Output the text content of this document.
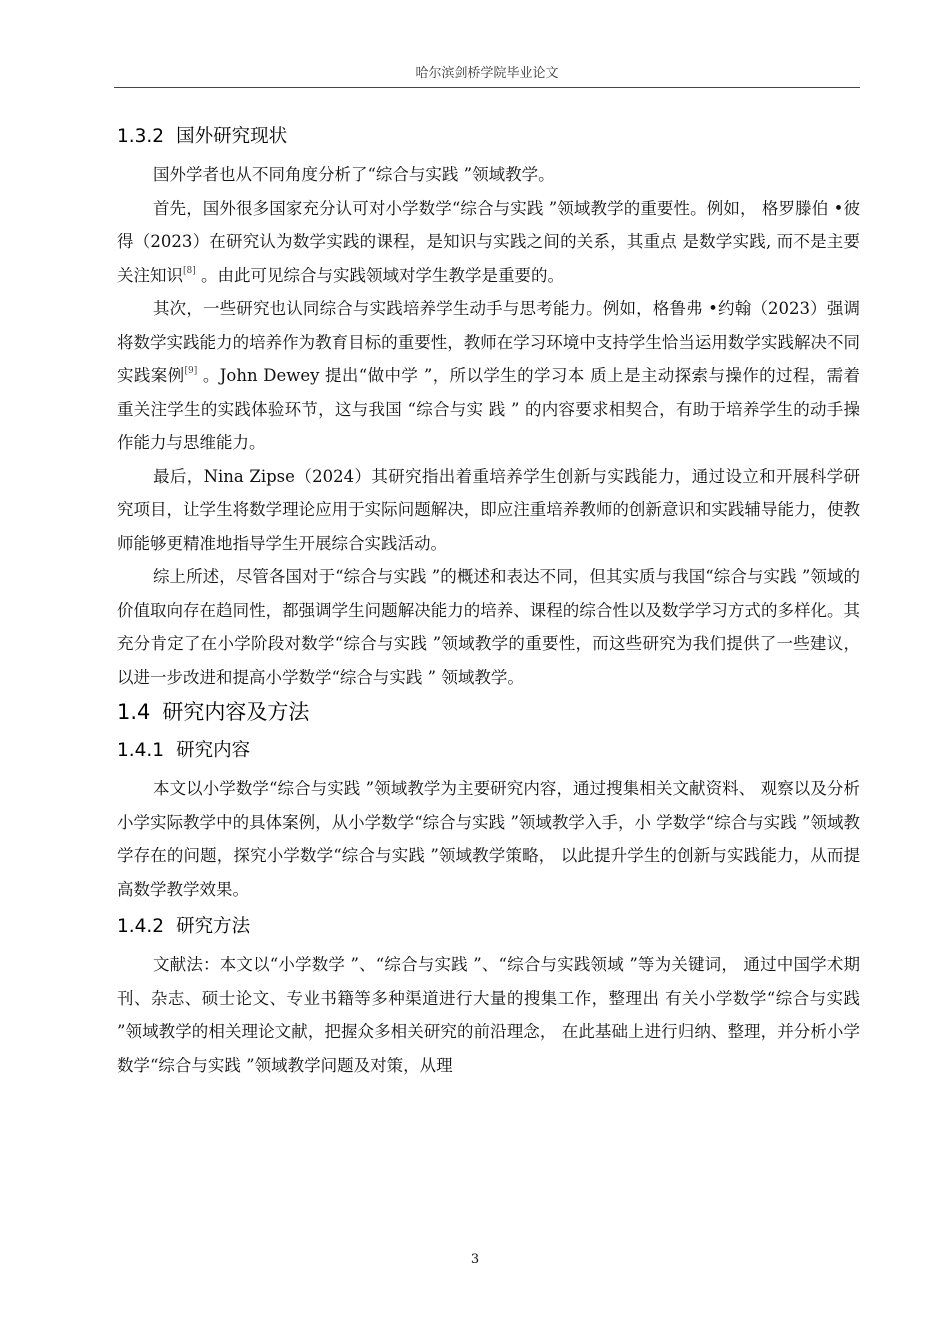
哈尔滨剑桥学院毕业论文
1.3.2 国外研究现状

国外学者也从不同角度分析了“综合与实践 ”领域教学。

首先，国外很多国家充分认可对小学数学“综合与实践 ”领域教学的重要性。例如， 格罗滕伯 •彼得（2023）在研究认为数学实践的课程，是知识与实践之间的关系，其重点 是数学实践, 而不是主要关注知识[8] 。由此可见综合与实践领域对学生教学是重要的。

其次，一些研究也认同综合与实践培养学生动手与思考能力。例如，格鲁弗 •约翰（2023）强调将数学实践能力的培养作为教育目标的重要性，教师在学习环境中支持学生恰当运用数学实践解决不同实践案例[9] 。John Dewey 提出“做中学 ”，所以学生的学习本 质上是主动探索与操作的过程，需着重关注学生的实践体验环节，这与我国 “综合与实 践 ” 的内容要求相契合，有助于培养学生的动手操作能力与思维能力。

最后，Nina Zipse（2024）其研究指出着重培养学生创新与实践能力，通过设立和开展科学研究项目，让学生将数学理论应用于实际问题解决，即应注重培养教师的创新意识和实践辅导能力，使教师能够更精准地指导学生开展综合实践活动。

综上所述，尽管各国对于“综合与实践 ”的概述和表达不同，但其实质与我国“综合与实践 ”领域的价值取向存在趋同性，都强调学生问题解决能力的培养、课程的综合性以及数学学习方式的多样化。其充分肯定了在小学阶段对数学“综合与实践 ”领域教学的重要性，而这些研究为我们提供了一些建议，以进一步改进和提高小学数学“综合与实践 ” 领域教学。

1.4 研究内容及方法
1.4.1 研究内容

本文以小学数学“综合与实践 ”领域教学为主要研究内容，通过搜集相关文献资料、 观察以及分析小学实际教学中的具体案例，从小学数学“综合与实践 ”领域教学入手，小 学数学“综合与实践 ”领域教学存在的问题，探究小学数学“综合与实践 ”领域教学策略， 以此提升学生的创新与实践能力，从而提高数学教学效果。

1.4.2 研究方法

文献法：本文以“小学数学 ”、“综合与实践 ”、“综合与实践领域 ”等为关键词， 通过中国学术期刊、杂志、硕士论文、专业书籍等多种渠道进行大量的搜集工作，整理出 有关小学数学“综合与实践 ”领域教学的相关理论文献，把握众多相关研究的前沿理念， 在此基础上进行归纳、整理，并分析小学数学“综合与实践 ”领域教学问题及对策，从理

3
